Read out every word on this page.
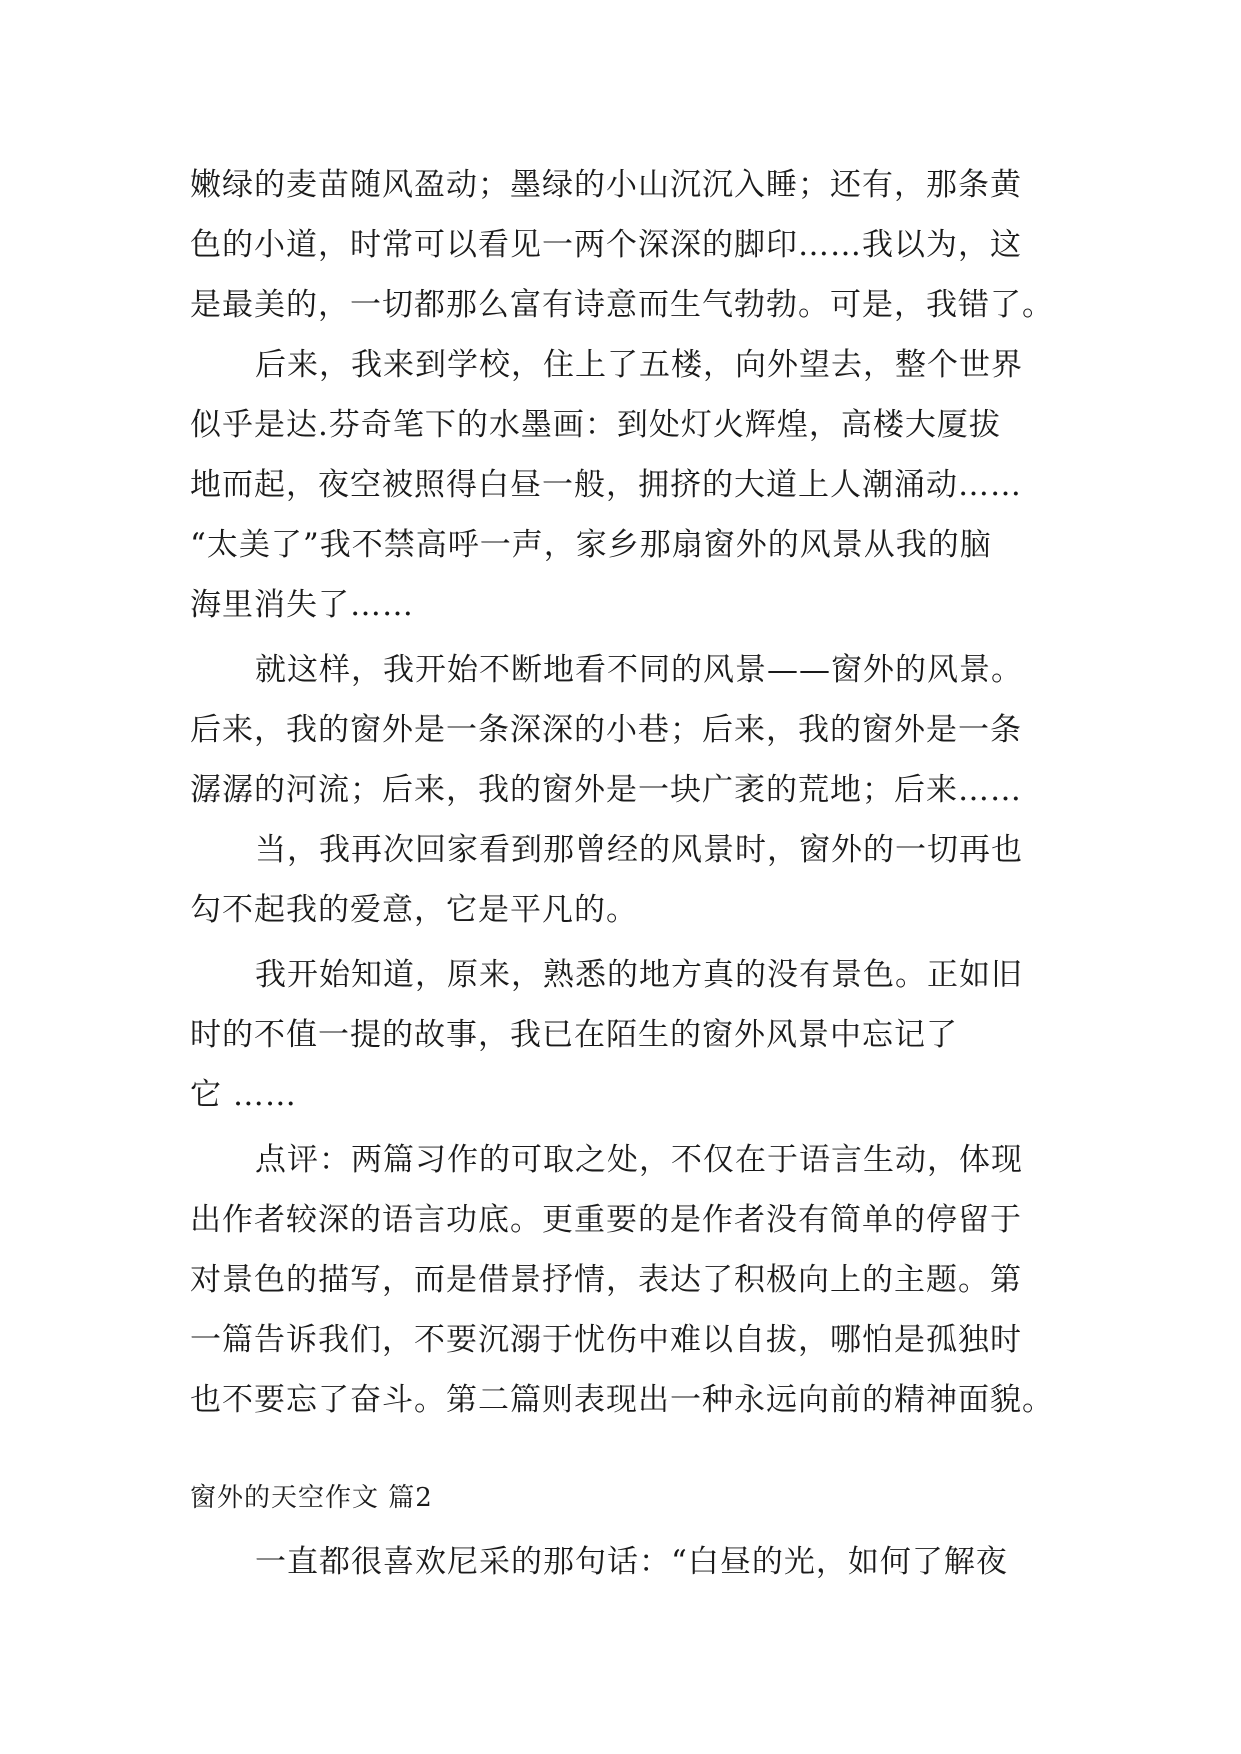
嫩绿的麦苗随风盈动；墨绿的小山沉沉入睡；还有，那条黄
色的小道，时常可以看见一两个深深的脚印……我以为，这
是最美的，一切都那么富有诗意而生气勃勃。可是，我错了。
后来，我来到学校，住上了五楼，向外望去，整个世界
似乎是达.芬奇笔下的水墨画：到处灯火辉煌，高楼大厦拔
地而起，夜空被照得白昼一般，拥挤的大道上人潮涌动……
“太美了”我不禁高呼一声，家乡那扇窗外的风景从我的脑
海里消失了……
就这样，我开始不断地看不同的风景——窗外的风景。
后来，我的窗外是一条深深的小巷；后来，我的窗外是一条
潺潺的河流；后来，我的窗外是一块广袤的荒地；后来……
当，我再次回家看到那曾经的风景时，窗外的一切再也
勾不起我的爱意，它是平凡的。
我开始知道，原来，熟悉的地方真的没有景色。正如旧
时的不值一提的故事，我已在陌生的窗外风景中忘记了
它 ……
点评：两篇习作的可取之处，不仅在于语言生动，体现
出作者较深的语言功底。更重要的是作者没有简单的停留于
对景色的描写，而是借景抒情，表达了积极向上的主题。第
一篇告诉我们，不要沉溺于忧伤中难以自拔，哪怕是孤独时
也不要忘了奋斗。第二篇则表现出一种永远向前的精神面貌。
窗外的天空作文 篇2
一直都很喜欢尼采的那句话：“白昼的光，如何了解夜
